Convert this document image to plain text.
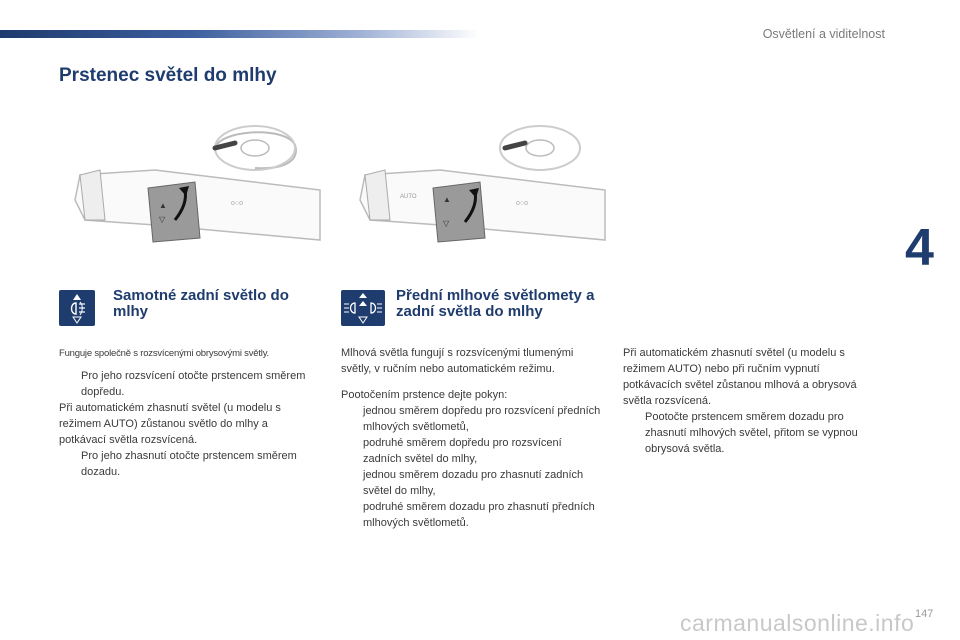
Osvětlení a viditelnost
Prstenec světel do mlhy
4
▲
▽
o○o	▲
▽
AUTO
o○o
Samotné zadní světlo do mlhy
Funguje společně s rozsvícenými obrysovými světly.
Pro jeho rozsvícení otočte prstencem směrem dopředu.
Při automatickém zhasnutí světel (u modelu s režimem AUTO) zůstanou světlo do mlhy a potkávací světla rozsvícená.
Pro jeho zhasnutí otočte prstencem směrem dozadu.
Přední mlhové světlomety a zadní světla do mlhy
Mlhová světla fungují s rozsvícenými tlumenými světly, v ručním nebo automatickém režimu.
Pootočením prstence dejte pokyn:
jednou směrem dopředu pro rozsvícení předních mlhových světlometů,
podruhé směrem dopředu pro rozsvícení zadních světel do mlhy,
jednou směrem dozadu pro zhasnutí zadních světel do mlhy,
podruhé směrem dozadu pro zhasnutí předních mlhových světlometů.
Při automatickém zhasnutí světel (u modelu s režimem AUTO) nebo při ručním vypnutí potkávacích světel zůstanou mlhová a obrysová světla rozsvícená.
Pootočte prstencem směrem dozadu pro zhasnutí mlhových světel, přitom se vypnou obrysová světla.
carmanualsonline.info 147
